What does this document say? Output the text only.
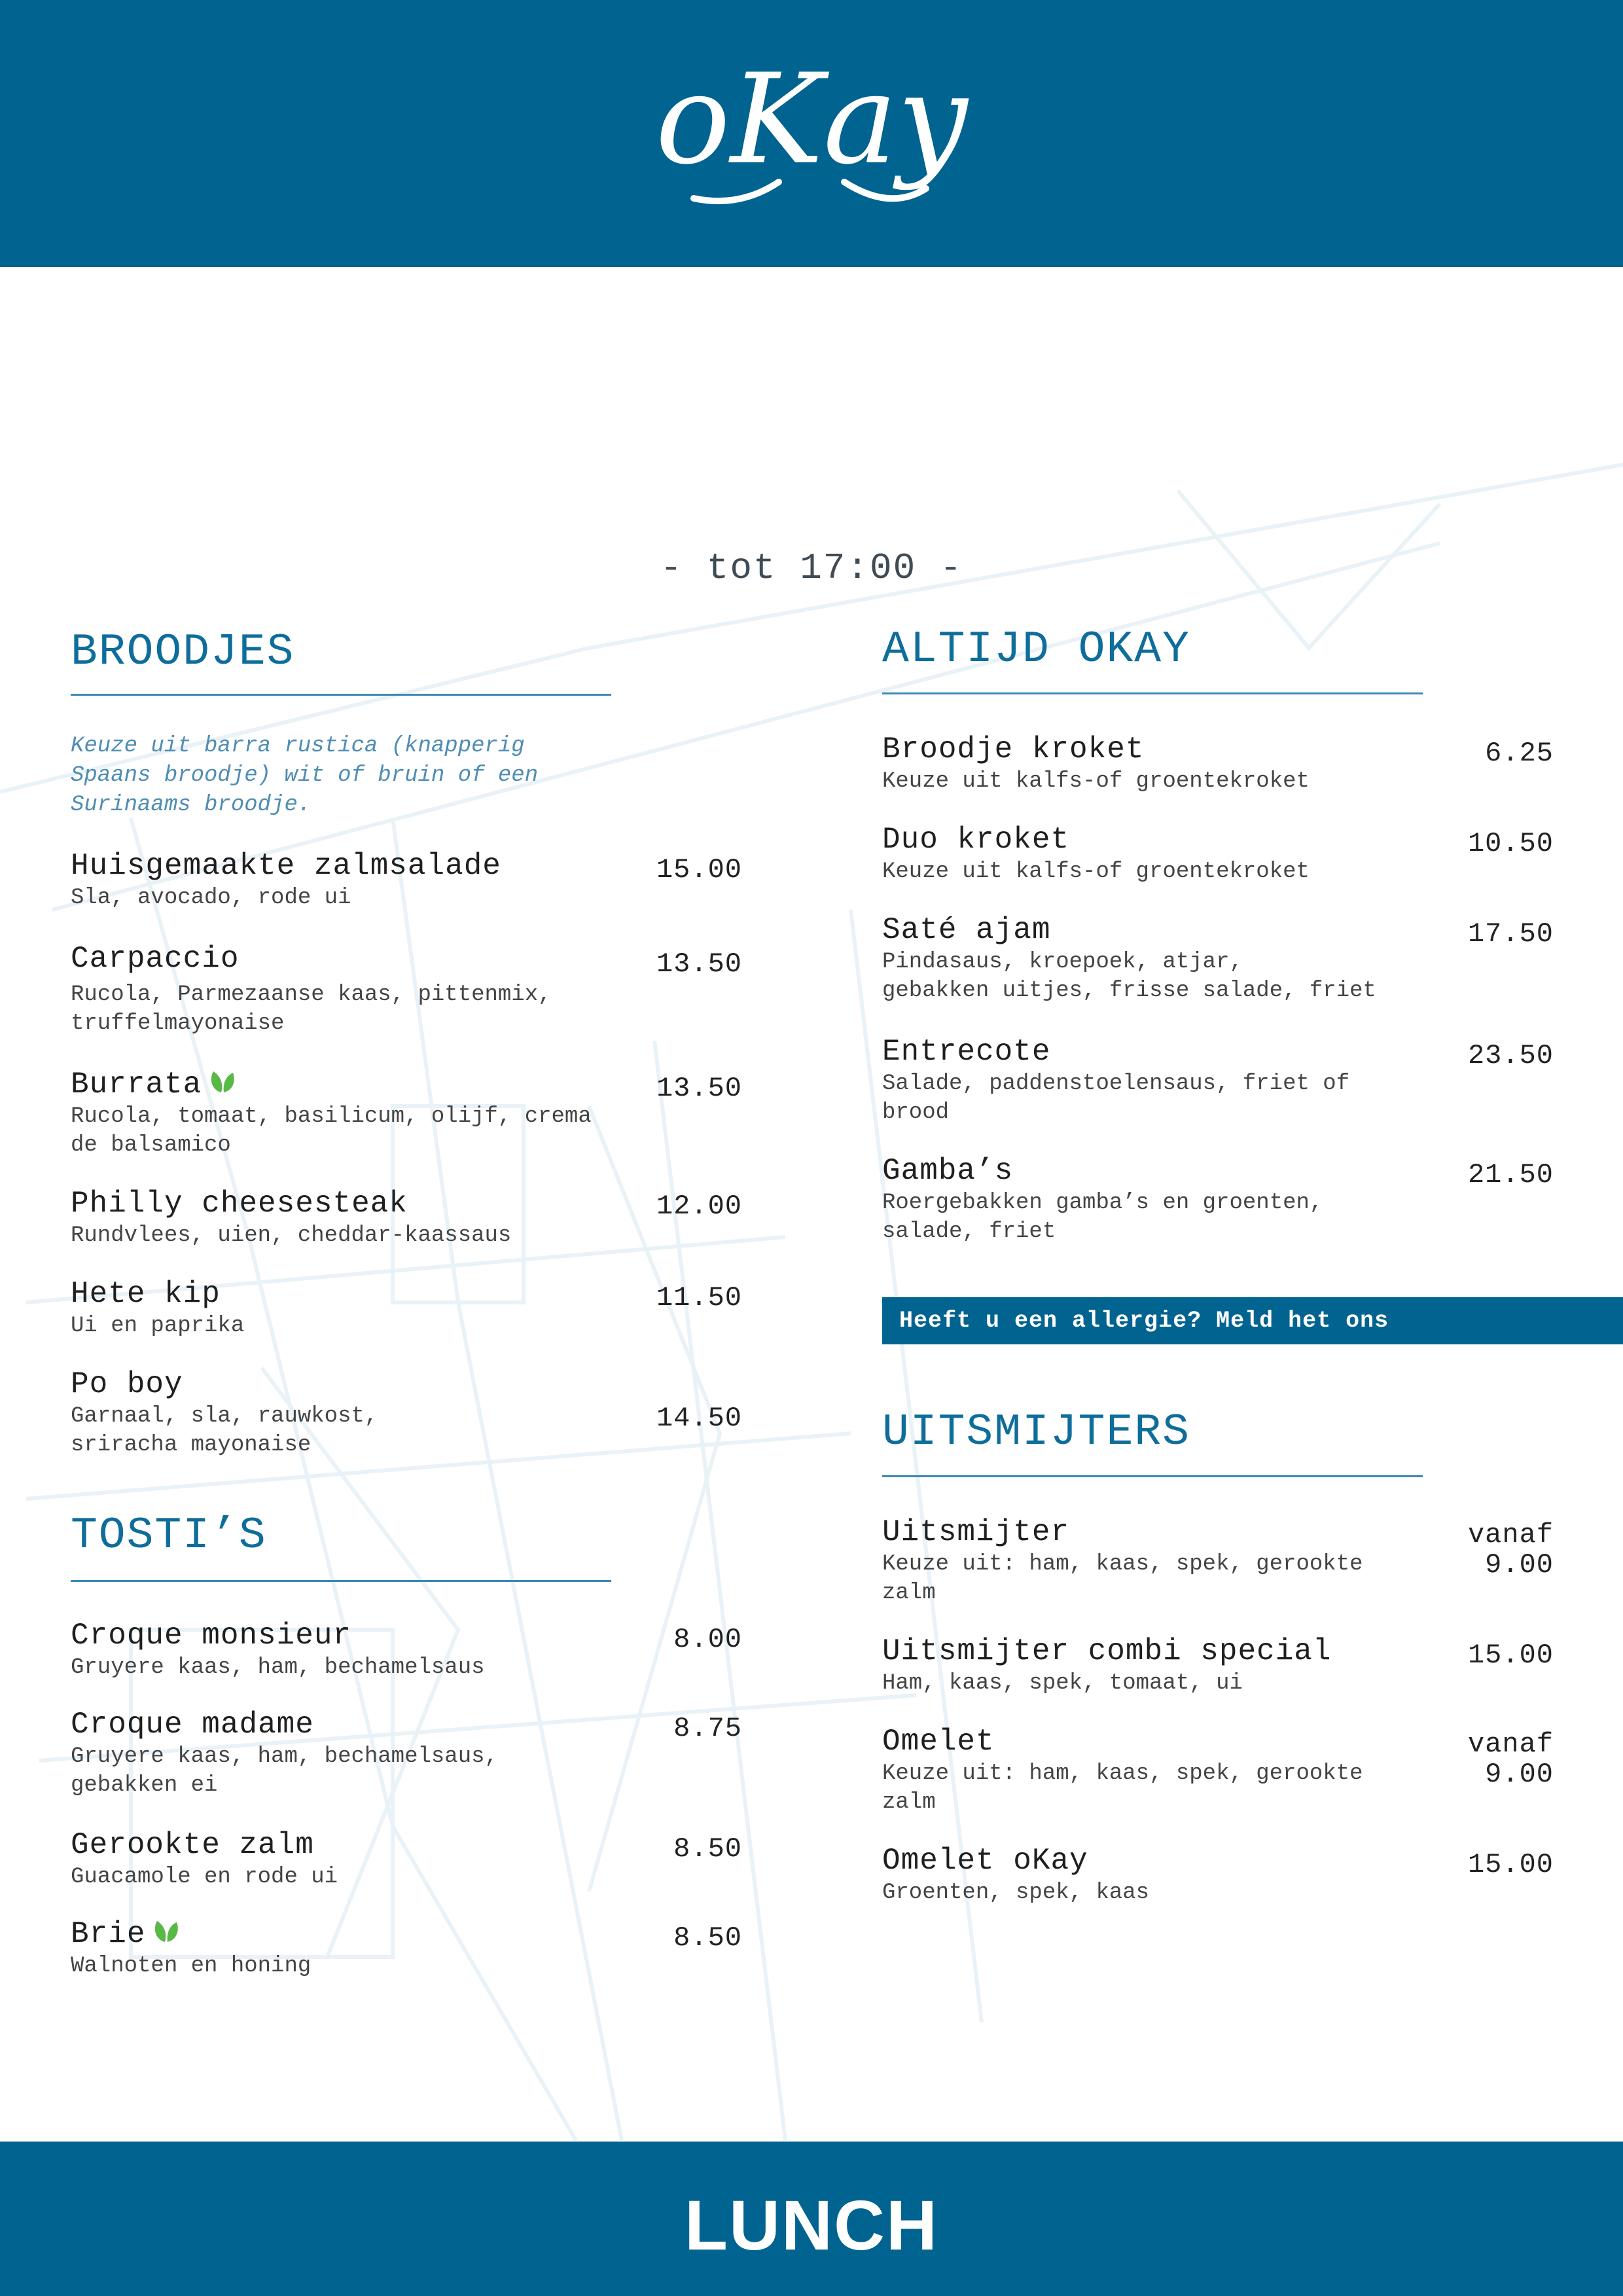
oKay
- tot 17:00 -
BROODJES
Keuze uit barra rustica (knapperig
Spaans broodje) wit of bruin of een
Surinaams broodje.
Huisgemaakte zalmsalade
Sla, avocado, rode ui
15.00
Carpaccio
Rucola, Parmezaanse kaas, pittenmix,
truffelmayonaise
13.50
Burrata
Rucola, tomaat, basilicum, olijf, crema
de balsamico
13.50
Philly cheesesteak
Rundvlees, uien, cheddar-kaassaus
12.00
Hete kip
Ui en paprika
11.50
Po boy
Garnaal, sla, rauwkost,
sriracha mayonaise
14.50
TOSTI’S
Croque monsieur
Gruyere kaas, ham, bechamelsaus
8.00
Croque madame
Gruyere kaas, ham, bechamelsaus,
gebakken ei
8.75
Gerookte zalm
Guacamole en rode ui
8.50
Brie
Walnoten en honing
8.50
ALTIJD OKAY
Broodje kroket
Keuze uit kalfs-of groentekroket
6.25
Duo kroket
Keuze uit kalfs-of groentekroket
10.50
Saté ajam
Pindasaus, kroepoek, atjar,
gebakken uitjes, frisse salade, friet
17.50
Entrecote
Salade, paddenstoelensaus, friet of
brood
23.50
Gamba’s
Roergebakken gamba’s en groenten,
salade, friet
21.50
Heeft u een allergie? Meld het ons
UITSMIJTERS
Uitsmijter
Keuze uit: ham, kaas, spek, gerookte
zalm
vanaf
9.00
Uitsmijter combi special
Ham, kaas, spek, tomaat, ui
15.00
Omelet
Keuze uit: ham, kaas, spek, gerookte
zalm
vanaf
9.00
Omelet oKay
Groenten, spek, kaas
15.00
LUNCH
